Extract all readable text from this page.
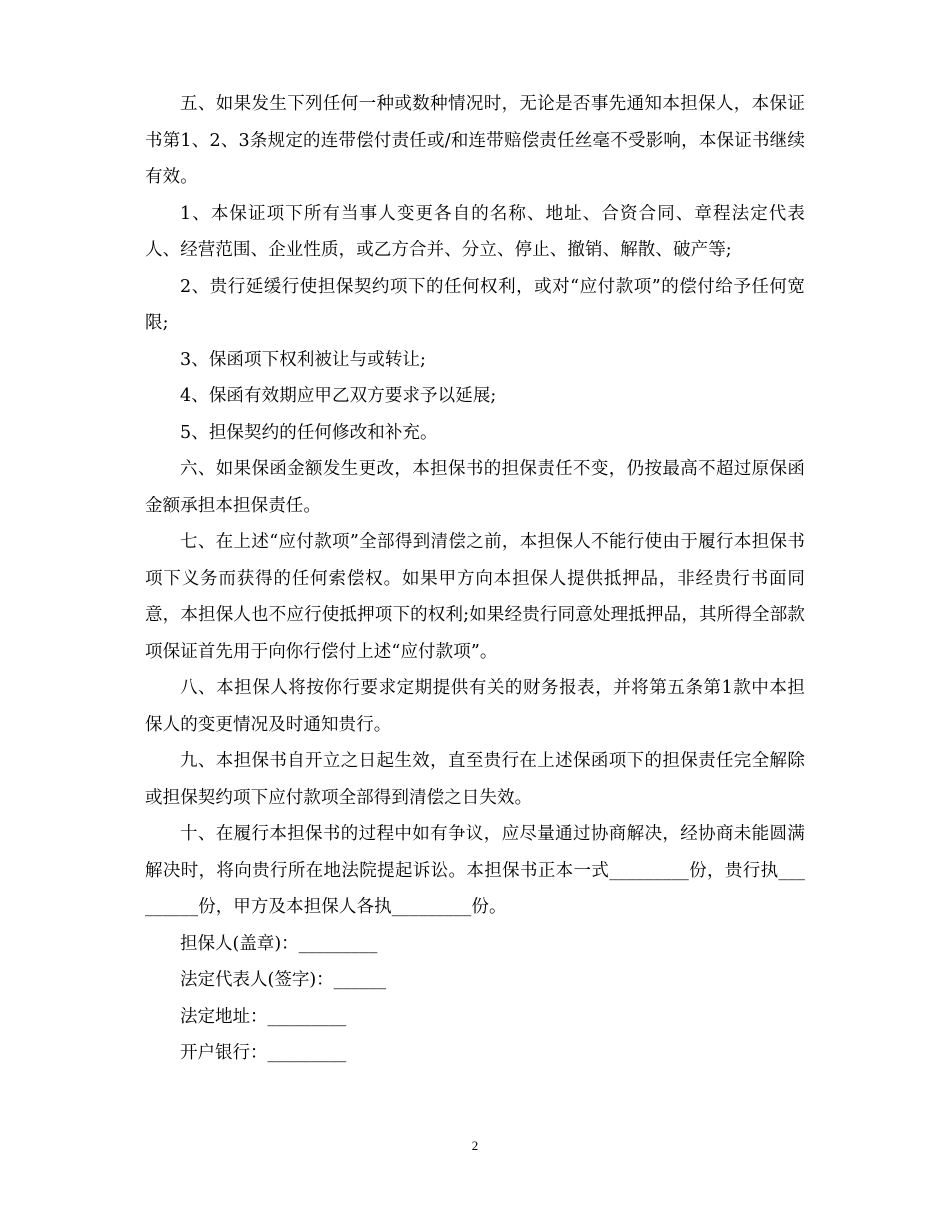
五、如果发生下列任何一种或数种情况时，无论是否事先通知本担保人，本保证书第1、2、3条规定的连带偿付责任或/和连带赔偿责任丝毫不受影响，本保证书继续有效。

1、本保证项下所有当事人变更各自的名称、地址、合资合同、章程法定代表人、经营范围、企业性质，或乙方合并、分立、停止、撤销、解散、破产等;

2、贵行延缓行使担保契约项下的任何权利，或对“应付款项”的偿付给予任何宽限;

3、保函项下权利被让与或转让;

4、保函有效期应甲乙双方要求予以延展;

5、担保契约的任何修改和补充。

六、如果保函金额发生更改，本担保书的担保责任不变，仍按最高不超过原保函金额承担本担保责任。

七、在上述“应付款项”全部得到清偿之前，本担保人不能行使由于履行本担保书项下义务而获得的任何索偿权。如果甲方向本担保人提供抵押品，非经贵行书面同意，本担保人也不应行使抵押项下的权利;如果经贵行同意处理抵押品，其所得全部款项保证首先用于向你行偿付上述“应付款项”。

八、本担保人将按你行要求定期提供有关的财务报表，并将第五条第1款中本担保人的变更情况及时通知贵行。

九、本担保书自开立之日起生效，直至贵行在上述保函项下的担保责任完全解除或担保契约项下应付款项全部得到清偿之日失效。

十、在履行本担保书的过程中如有争议，应尽量通过协商解决，经协商未能圆满解决时，将向贵行所在地法院提起诉讼。本担保书正本一式_________份，贵行执_________份，甲方及本担保人各执_________份。

担保人(盖章)：_________

法定代表人(签字)：______

法定地址：_________

开户银行：_________

2
